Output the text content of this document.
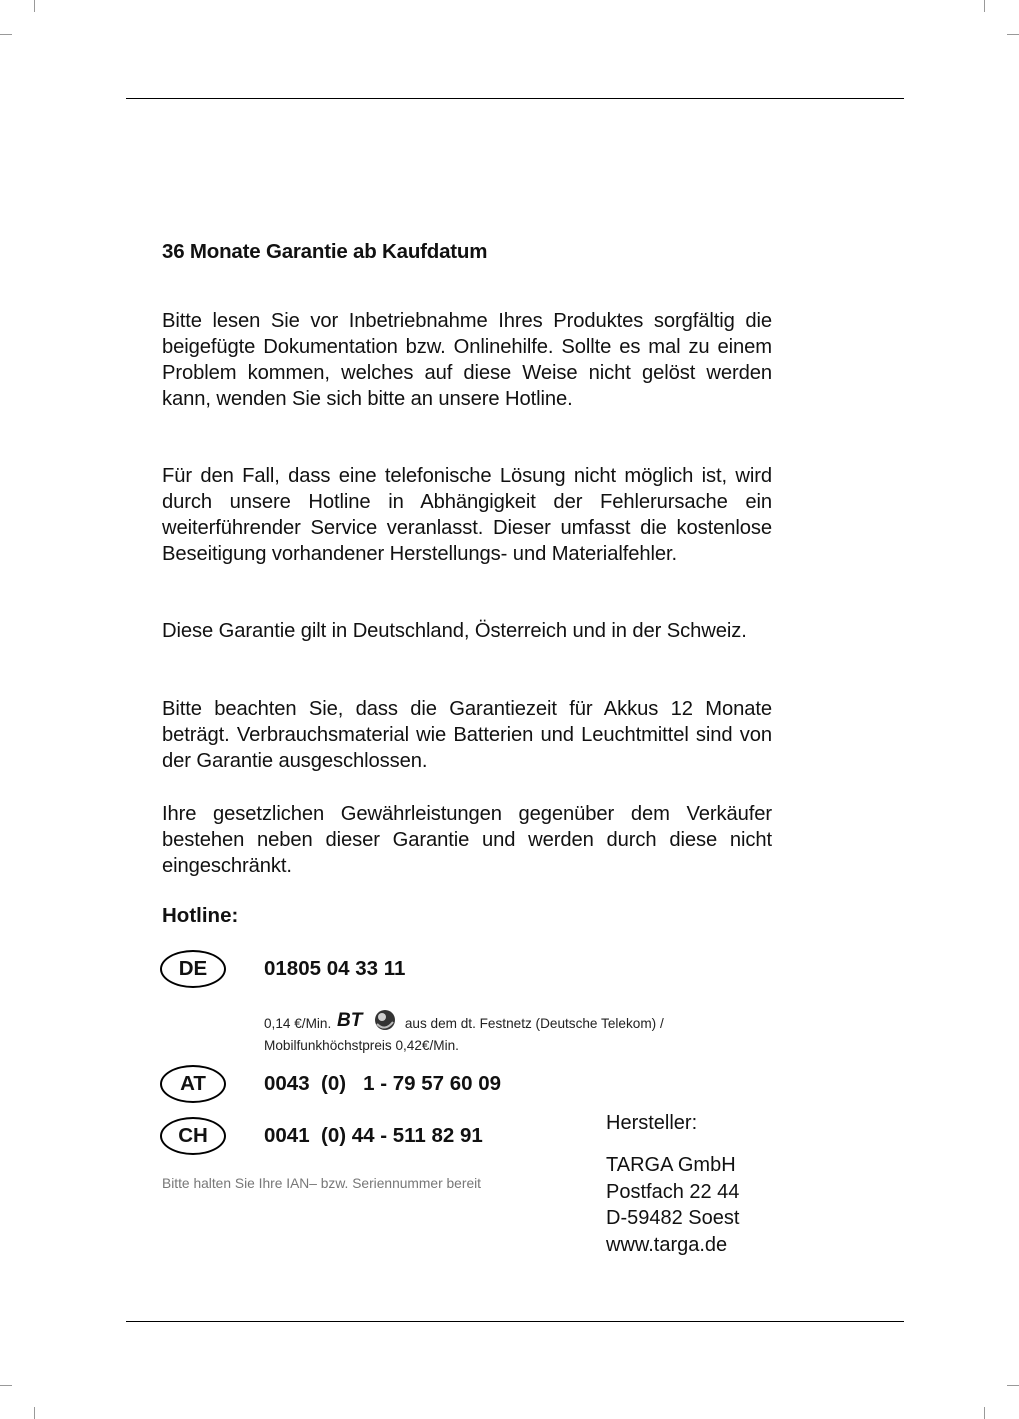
36 Monate Garantie ab Kaufdatum

Bitte lesen Sie vor Inbetriebnahme Ihres Produktes sorgfältig die beigefügte Dokumentation bzw. Onlinehilfe. Sollte es mal zu einem Problem kommen, welches auf diese Weise nicht gelöst werden kann, wenden Sie sich bitte an unsere Hotline.

Für den Fall, dass eine telefonische Lösung nicht möglich ist, wird durch unsere Hotline in Abhängigkeit der Fehlerursache ein weiterführender Service veranlasst. Dieser umfasst die kostenlose Beseitigung vorhandener Herstellungs- und Materialfehler.

Diese Garantie gilt in Deutschland, Österreich und in der Schweiz.

Bitte beachten Sie, dass die Garantiezeit für Akkus 12 Monate beträgt. Verbrauchsmaterial wie Batterien und Leuchtmittel sind von der Garantie ausgeschlossen.

Ihre gesetzlichen Gewährleistungen gegenüber dem Verkäufer bestehen neben dieser Garantie und werden durch diese nicht eingeschränkt.

Hotline:
DE	01805 04 33 11
0,14 €/Min. BT	aus dem dt. Festnetz (Deutsche Telekom) /
Mobilfunkhöchstpreis 0,42€/Min.
AT	0043  (0)   1 - 79 57 60 09
CH	0041  (0) 44 - 511 82 91
Bitte halten Sie Ihre IAN– bzw. Seriennummer bereit
Hersteller:
TARGA GmbH
Postfach 22 44
D-59482 Soest
www.targa.de
